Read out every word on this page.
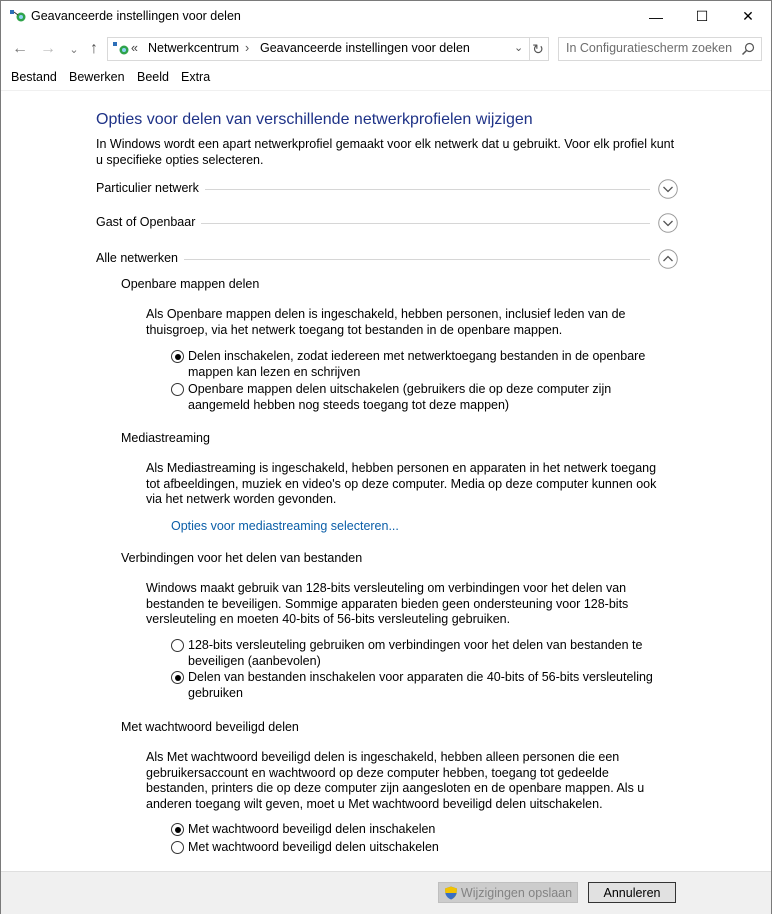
Geavanceerde instellingen voor delen	—	☐	✕
← →	⌄ ↑	« Netwerkcentrum › Geavanceerde instellingen voor delen	⌄ ↻
In Configuratiescherm zoeken
Bestand Bewerken Beeld Extra
Opties voor delen van verschillende netwerkprofielen wijzigen
In Windows wordt een apart netwerkprofiel gemaakt voor elk netwerk dat u gebruikt. Voor elk profiel kunt u specifieke opties selecteren.
Particulier netwerk
Gast of Openbaar
Alle netwerken
Openbare mappen delen
Als Openbare mappen delen is ingeschakeld, hebben personen, inclusief leden van de thuisgroep, via het netwerk toegang tot bestanden in de openbare mappen.
Delen inschakelen, zodat iedereen met netwerktoegang bestanden in de openbare mappen kan lezen en schrijven
Openbare mappen delen uitschakelen (gebruikers die op deze computer zijn aangemeld hebben nog steeds toegang tot deze mappen)
Mediastreaming
Als Mediastreaming is ingeschakeld, hebben personen en apparaten in het netwerk toegang tot afbeeldingen, muziek en video's op deze computer. Media op deze computer kunnen ook via het netwerk worden gevonden.
Opties voor mediastreaming selecteren...
Verbindingen voor het delen van bestanden
Windows maakt gebruik van 128-bits versleuteling om verbindingen voor het delen van bestanden te beveiligen. Sommige apparaten bieden geen ondersteuning voor 128-bits versleuteling en moeten 40-bits of 56-bits versleuteling gebruiken.
128-bits versleuteling gebruiken om verbindingen voor het delen van bestanden te beveiligen (aanbevolen)
Delen van bestanden inschakelen voor apparaten die 40-bits of 56-bits versleuteling gebruiken
Met wachtwoord beveiligd delen
Als Met wachtwoord beveiligd delen is ingeschakeld, hebben alleen personen die een gebruikersaccount en wachtwoord op deze computer hebben, toegang tot gedeelde bestanden, printers die op deze computer zijn aangesloten en de openbare mappen. Als u anderen toegang wilt geven, moet u Met wachtwoord beveiligd delen uitschakelen.
Met wachtwoord beveiligd delen inschakelen
Met wachtwoord beveiligd delen uitschakelen
Wijzigingen opslaan	Annuleren
